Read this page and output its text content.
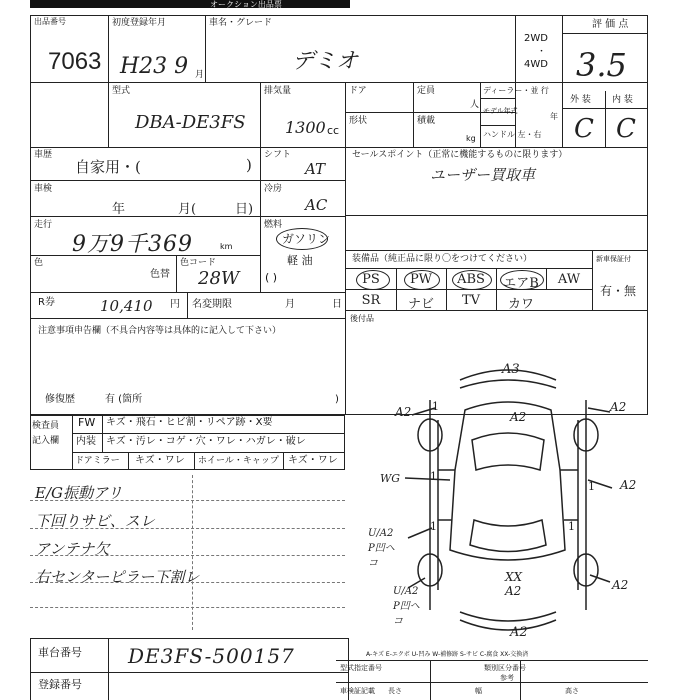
オークション出品票
出品番号
7063
初度登録年月
H23 9 月
車名・グレード
デミオ
2WD
・
4WD
評 価 点
3.5
型式
DBA-DE3FS
排気量
1300 cc
ドア	定員
人
形状	積載
kg
ディーラー・並 行
モデル年式
年
ハンドル 左・右
外 装 内 装
C C
車歴
自家用・(	)
シフト
AT
車検
年	月(	日)
冷房
AC
走行
9万9千369	km
燃料
ガソリン
軽 油
( )
色
色替
色コード
28W
R券	10,410 円 名変期限	月	日
注意事項申告欄（不具合内容等は具体的に記入して下さい）
修復歴	有 (箇所	)
セールスポイント（正常に機能するものに限ります）
ユーザー買取車
装備品（純正品に限り〇をつけてください）	新車保証付
有・無
PS	PW	ABS	エアB	AW
SR	ナビ	TV	カワ
後付品
検査員
記入欄
FW キズ・飛石・ヒビ割・リペア跡・X要
内装 キズ・汚レ・コゲ・穴・ワレ・ハガレ・破レ
ドアミラー キズ・ワレ ホイール・キャップ キズ・ワレ
E/G振動アリ
下回りサビ、スレ
アンテナ欠
右センターピラー下割レ
A3
A2	A2
A2
WG
U/A2 P凹ヘコ
A2
XX A2
U/A2 P凹ヘコ
A2
A2
1
1
1
1
1
A-キズ E-エクボ U-凹み W-補修跡 S-サビ C-腐食 XX-交換済
車台番号 DE3FS-500157
登録番号
型式指定番号	類別区分番号
参考
車検証記載 長さ	幅	高さ
